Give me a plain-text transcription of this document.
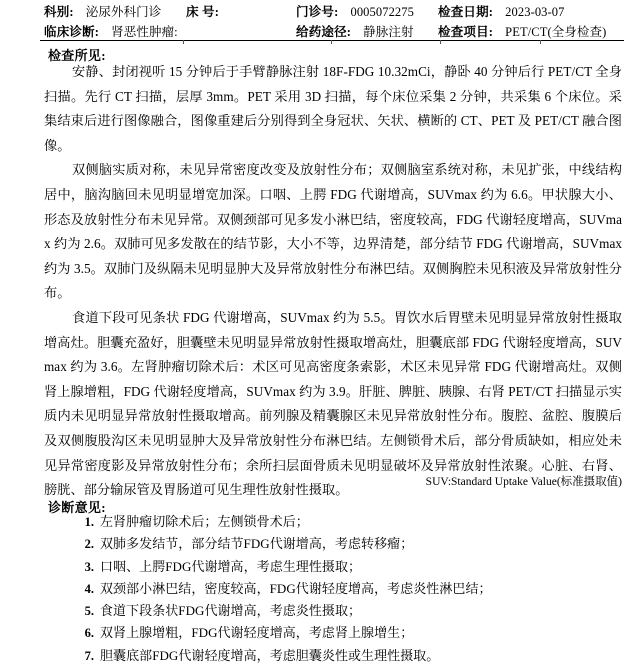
科别: 泌尿外科门诊 床 号:	门诊号: 0005072275 检查日期: 2023-03-07
临床诊断: 肾恶性肿瘤:	给药途径: 静脉注射 检查项目: PET/CT(全身检查)
检查所见:

安静、封闭视听 15 分钟后于手臂静脉注射 18F-FDG 10.32mCi，静卧 40 分钟后行 PET/CT 全身扫描。先行 CT 扫描，层厚 3mm。PET 采用 3D 扫描，每个床位采集 2 分钟，共采集 6 个床位。采集结束后进行图像融合，图像重建后分别得到全身冠状、矢状、横断的 CT、PET 及 PET/CT 融合图像。

双侧脑实质对称，未见异常密度改变及放射性分布；双侧脑室系统对称，未见扩张，中线结构居中，脑沟脑回未见明显增宽加深。口咽、上腭 FDG 代谢增高，SUVmax 约为 6.6。甲状腺大小、形态及放射性分布未见异常。双侧颈部可见多发小淋巴结，密度较高，FDG 代谢轻度增高，SUVmax 约为 2.6。双肺可见多发散在的结节影，大小不等，边界清楚，部分结节 FDG 代谢增高，SUVmax 约为 3.5。双肺门及纵隔未见明显肿大及异常放射性分布淋巴结。双侧胸腔未见积液及异常放射性分布。

食道下段可见条状 FDG 代谢增高，SUVmax 约为 5.5。胃饮水后胃壁未见明显异常放射性摄取增高灶。胆囊充盈好，胆囊壁未见明显异常放射性摄取增高灶，胆囊底部 FDG 代谢轻度增高，SUVmax 约为 3.6。左肾肿瘤切除术后：术区可见高密度条索影，术区未见异常 FDG 代谢增高灶。双侧肾上腺增粗，FDG 代谢轻度增高，SUVmax 约为 3.9。肝脏、脾脏、胰腺、右肾 PET/CT 扫描显示实质内未见明显异常放射性摄取增高。前列腺及精囊腺区未见异常放射性分布。腹腔、盆腔、腹膜后及双侧腹股沟区未见明显肿大及异常放射性分布淋巴结。左侧锁骨术后，部分骨质缺如，相应处未见异常密度影及异常放射性分布；余所扫层面骨质未见明显破坏及异常放射性浓聚。心脏、右肾、膀胱、部分输尿管及胃肠道可见生理性放射性摄取。

SUV:Standard Uptake Value(标准摄取值)
诊断意见:
1. 左肾肿瘤切除术后；左侧锁骨术后；
2. 双肺多发结节，部分结节FDG代谢增高，考虑转移瘤；
3. 口咽、上腭FDG代谢增高，考虑生理性摄取；
4. 双颈部小淋巴结，密度较高，FDG代谢轻度增高，考虑炎性淋巴结；
5. 食道下段条状FDG代谢增高，考虑炎性摄取；
6. 双肾上腺增粗，FDG代谢轻度增高，考虑肾上腺增生；
7. 胆囊底部FDG代谢轻度增高，考虑胆囊炎性或生理性摄取。
